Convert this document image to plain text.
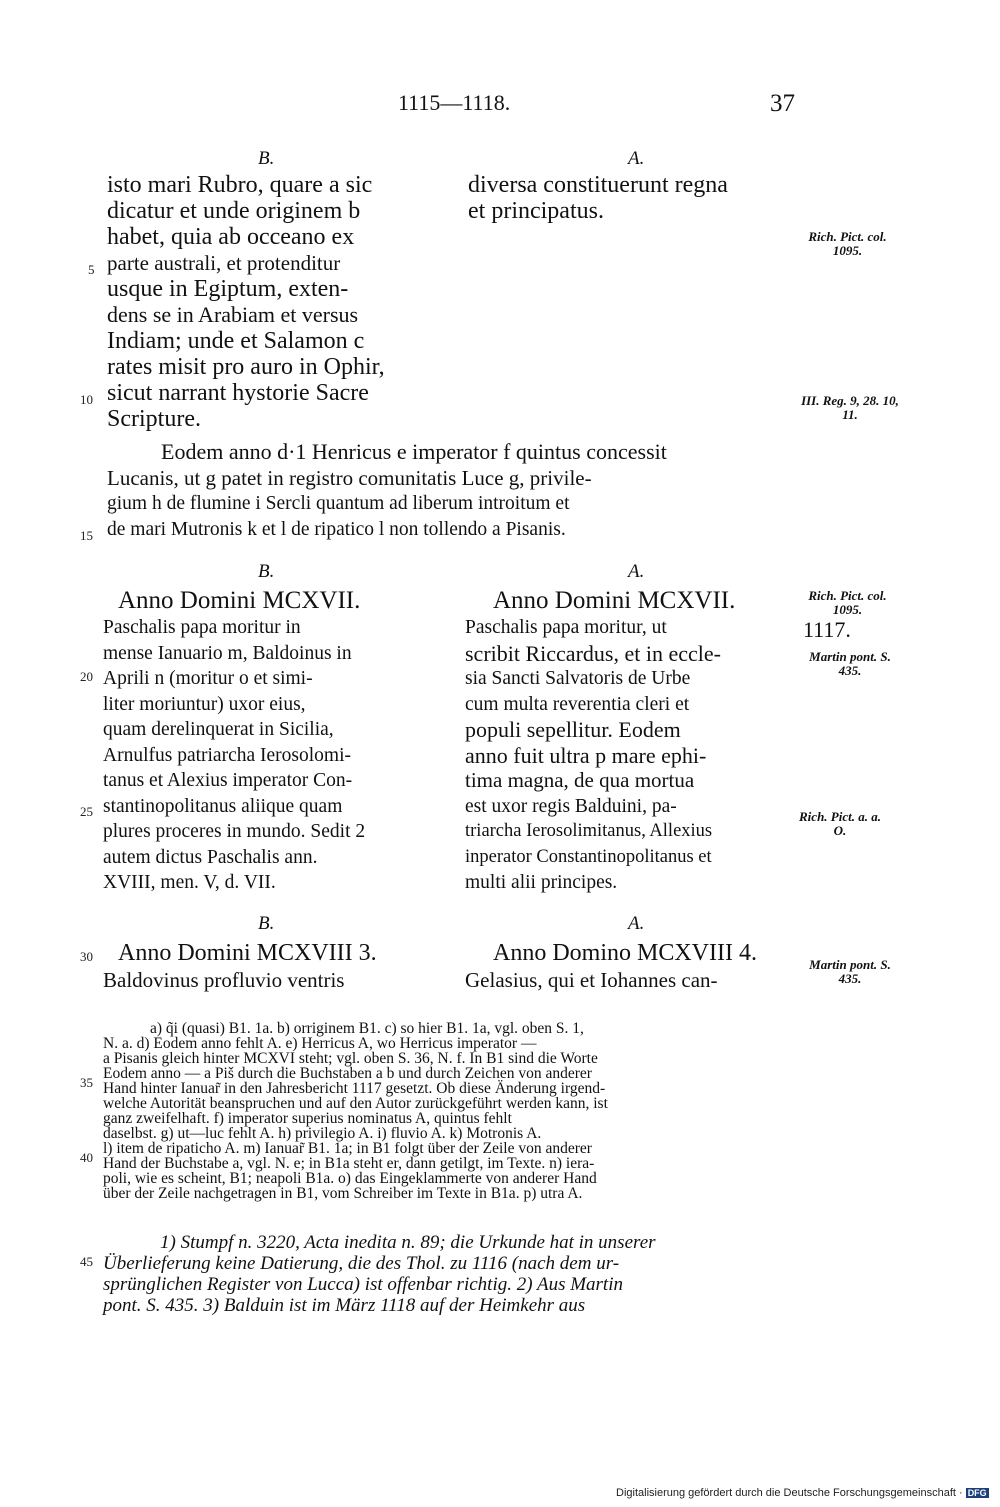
1115—1118.	37
B.	A.
isto mari Rubro, quare a sic
dicatur et unde originem b
habet, quia ab occeano ex
parte australi, et protenditur
usque in Egiptum, exten-
dens se in Arabiam et versus
Indiam; unde et Salamon c
rates misit pro auro in Ophir,
sicut narrant hystorie Sacre
Scripture.
diversa constituerunt regna
et principatus.
Eodem anno d·1 Henricus e imperator f quintus concessit
Lucanis, ut g patet in registro comunitatis Luce g, privile-
gium h de flumine i Sercli quantum ad liberum introitum et
de mari Mutronis k et l de ripatico l non tollendo a Pisanis.
B.	A.
Anno Domini MCXVII.
Paschalis papa moritur in
mense Ianuario m, Baldoinus in
Aprili n (moritur o et simi-
liter moriuntur) uxor eius,
quam derelinquerat in Sicilia,
Arnulfus patriarcha Ierosolomi-
tanus et Alexius imperator Con-
stantinopolitanus aliique quam
plures proceres in mundo. Sedit 2
autem dictus Paschalis ann.
XVIII, men. V, d. VII.
Anno Domini MCXVII.
Paschalis papa moritur, ut
scribit Riccardus, et in eccle-
sia Sancti Salvatoris de Urbe
cum multa reverentia cleri et
populi sepellitur. Eodem
anno fuit ultra p mare ephi-
tima magna, de qua mortua
est uxor regis Balduini, pa-
triarcha Ierosolimitanus, Allexius
inperator Constantinopolitanus et
multi alii principes.
B.	A.
Anno Domini MCXVIII 3.
Baldovinus profluvio ventris
Anno Domino MCXVIII 4.
Gelasius, qui et Iohannes can-
5
10
15
20
25
30
35
40
45
Rich. Pict. col. 1095.
III. Reg. 9, 28. 10, 11.
Rich. Pict. col. 1095.
1117.
Martin pont. S. 435.
Rich. Pict. a. a. O.
Martin pont. S. 435.
a) q̃i (quasi) B1. 1a. b) orriginem B1. c) so hier B1. 1a, vgl. oben S. 1,
N. a. d) Eodem anno fehlt A. e) Herricus A, wo Herricus imperator —
a Pisanis gleich hinter MCXVI steht; vgl. oben S. 36, N. f. In B1 sind die Worte
Eodem anno — a Piš durch die Buchstaben a b und durch Zeichen von anderer
Hand hinter Ianuar̃ in den Jahresbericht 1117 gesetzt. Ob diese Änderung irgend-
welche Autorität beanspruchen und auf den Autor zurückgeführt werden kann, ist
ganz zweifelhaft. f) imperator superius nominatus A, quintus fehlt
daselbst. g) ut—luc fehlt A. h) privilegio A. i) fluvio A. k) Motronis A.
l) item de ripaticho A. m) Ianuar̃ B1. 1a; in B1 folgt über der Zeile von anderer
Hand der Buchstabe a, vgl. N. e; in B1a steht er, dann getilgt, im Texte. n) iera-
poli, wie es scheint, B1; neapoli B1a. o) das Eingeklammerte von anderer Hand
über der Zeile nachgetragen in B1, vom Schreiber im Texte in B1a. p) utra A.
1) Stumpf n. 3220, Acta inedita n. 89; die Urkunde hat in unserer
Überlieferung keine Datierung, die des Thol. zu 1116 (nach dem ur-
sprünglichen Register von Lucca) ist offenbar richtig. 2) Aus Martin
pont. S. 435. 3) Balduin ist im März 1118 auf der Heimkehr aus
Digitalisierung gefördert durch die Deutsche Forschungsgemeinschaft · DFG
